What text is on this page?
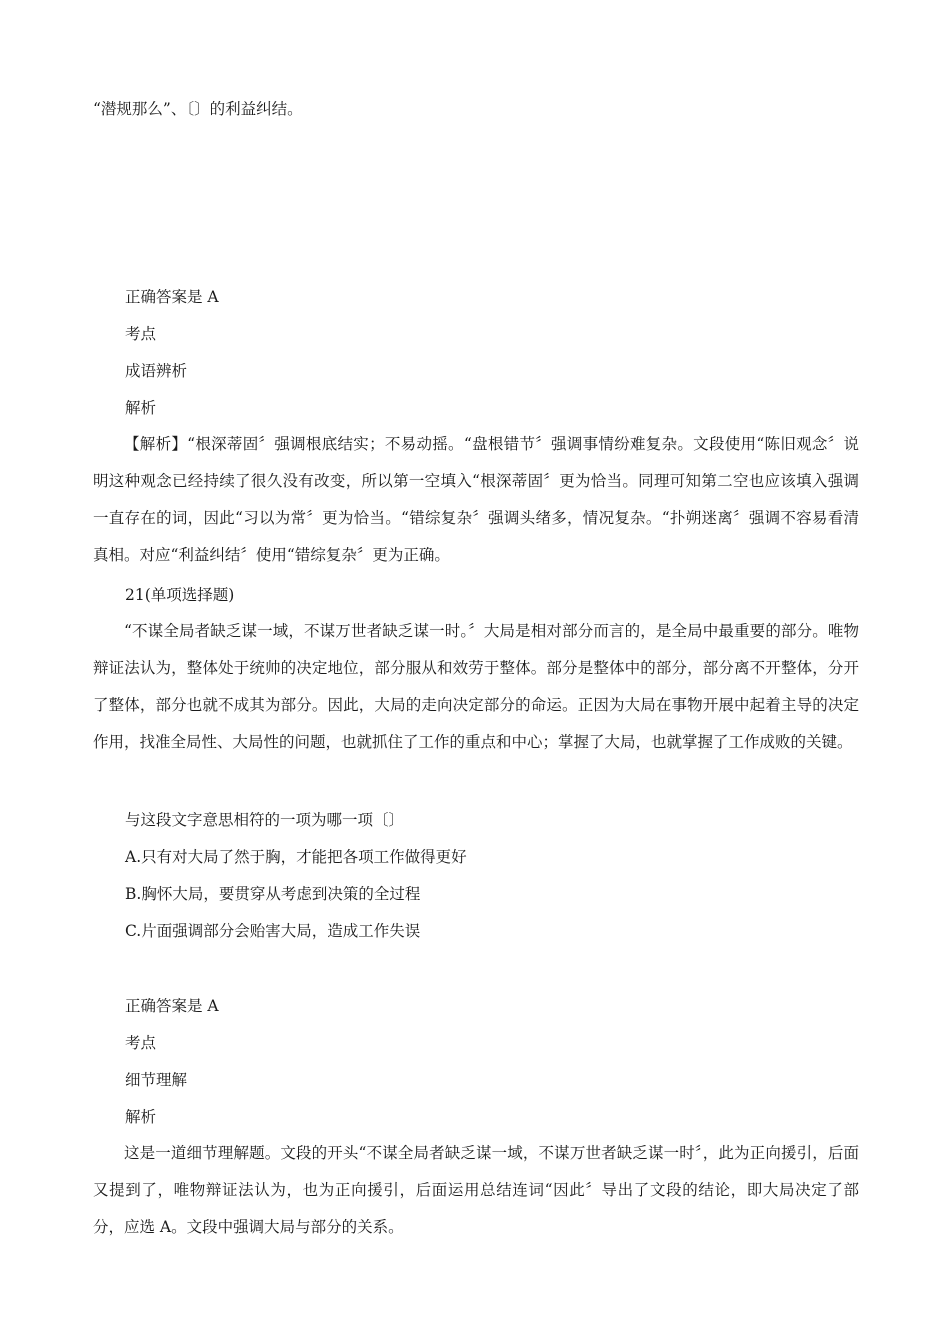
“潜规那么”、〔〕的利益纠结。
正确答案是 A
考点
成语辨析
解析
【解析】“根深蒂固〞强调根底结实；不易动摇。“盘根错节〞强调事情纷难复杂。文段使用“陈旧观念〞说明这种观念已经持续了很久没有改变，所以第一空填入“根深蒂固〞更为恰当。同理可知第二空也应该填入强调一直存在的词，因此“习以为常〞更为恰当。“错综复杂〞强调头绪多，情况复杂。“扑朔迷离〞强调不容易看清真相。对应“利益纠结〞使用“错综复杂〞更为正确。
21(单项选择题)
“不谋全局者缺乏谋一域，不谋万世者缺乏谋一时。〞大局是相对部分而言的，是全局中最重要的部分。唯物辩证法认为，整体处于统帅的决定地位，部分服从和效劳于整体。部分是整体中的部分，部分离不开整体，分开了整体，部分也就不成其为部分。因此，大局的走向决定部分的命运。正因为大局在事物开展中起着主导的决定作用，找准全局性、大局性的问题，也就抓住了工作的重点和中心；掌握了大局，也就掌握了工作成败的关键。
与这段文字意思相符的一项为哪一项〔〕
A.只有对大局了然于胸，才能把各项工作做得更好
B.胸怀大局，要贯穿从考虑到决策的全过程
C.片面强调部分会贻害大局，造成工作失误
正确答案是 A
考点
细节理解
解析
这是一道细节理解题。文段的开头“不谋全局者缺乏谋一域，不谋万世者缺乏谋一时〞，此为正向援引，后面又提到了，唯物辩证法认为，也为正向援引，后面运用总结连词“因此〞导出了文段的结论，即大局决定了部分，应选 A。文段中强调大局与部分的关系。
